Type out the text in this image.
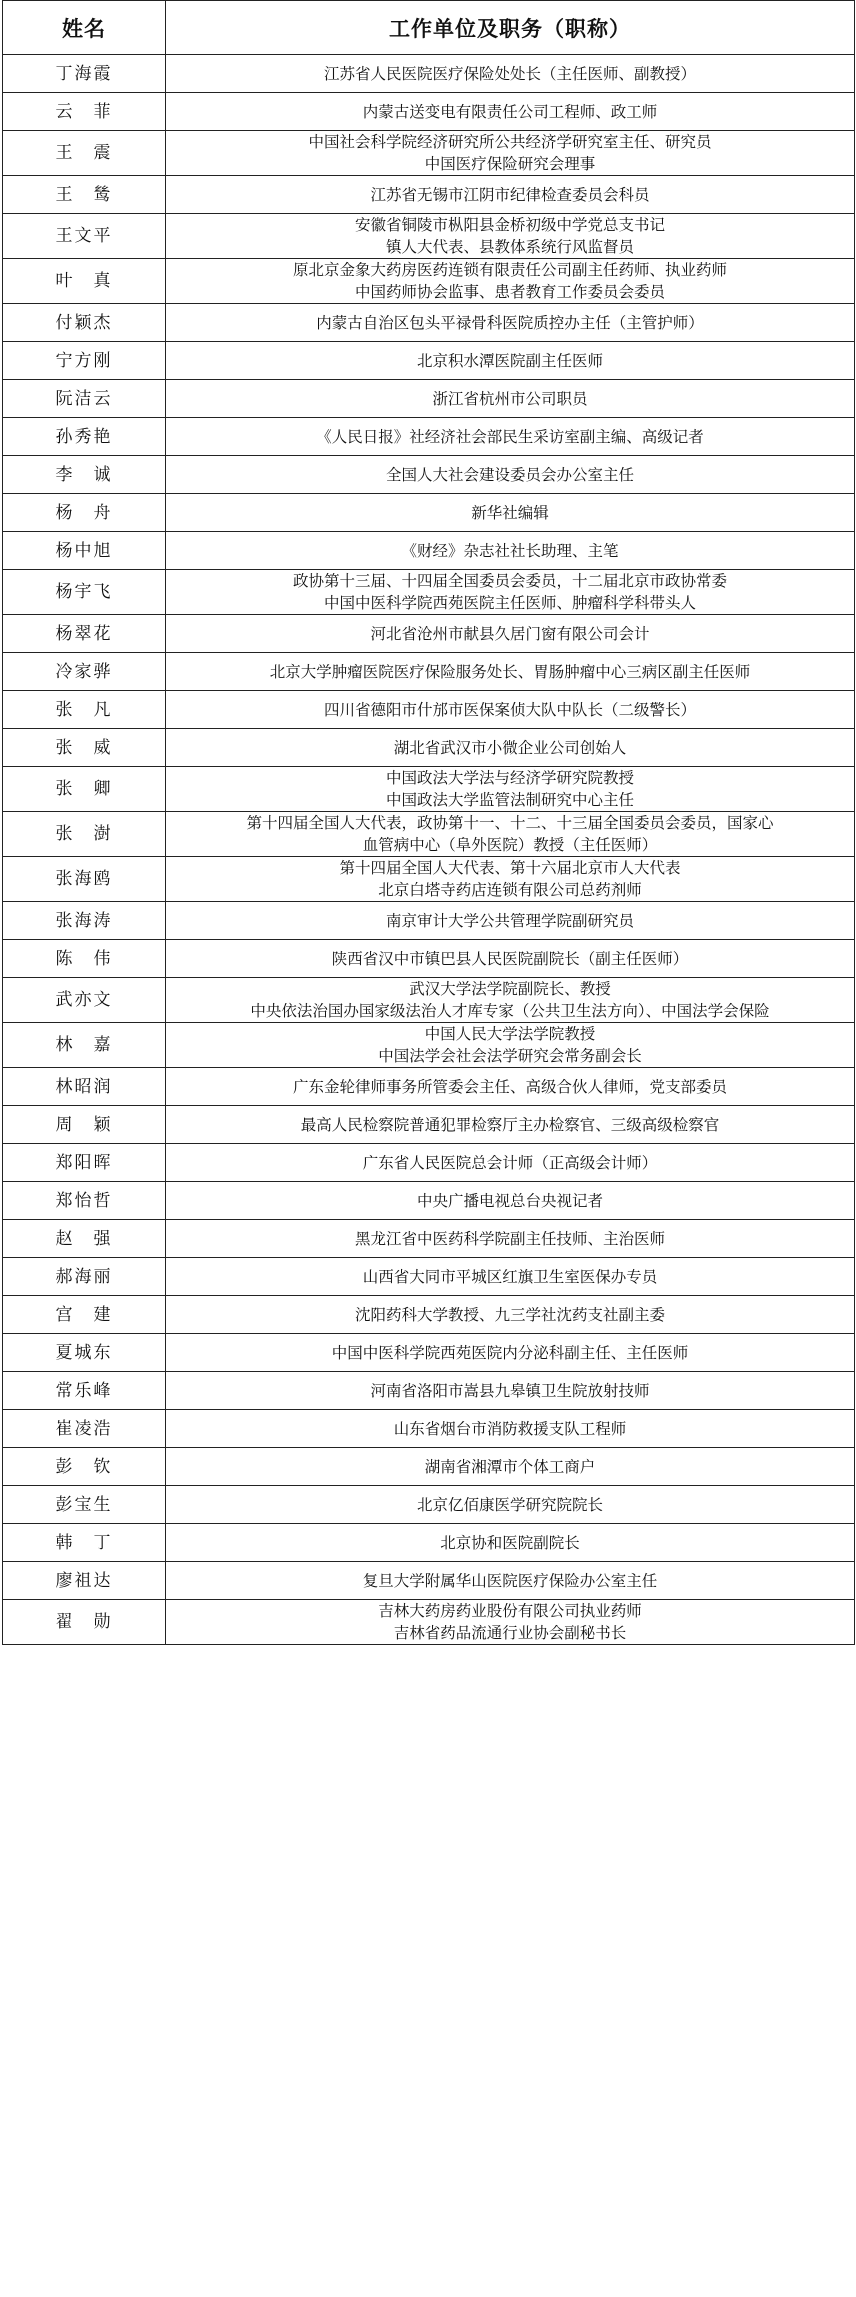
姓名	工作单位及职务（职称）
丁海霞	江苏省人民医院医疗保险处处长（主任医师、副教授）

云　菲	内蒙古送变电有限责任公司工程师、政工师

王　震	中国社会科学院经济研究所公共经济学研究室主任、研究员
中国医疗保险研究会理事

王　鸶	江苏省无锡市江阴市纪律检查委员会科员

王文平	安徽省铜陵市枞阳县金桥初级中学党总支书记
镇人大代表、县教体系统行风监督员

叶　真	原北京金象大药房医药连锁有限责任公司副主任药师、执业药师
中国药师协会监事、患者教育工作委员会委员

付颖杰	内蒙古自治区包头平禄骨科医院质控办主任（主管护师）

宁方刚	北京积水潭医院副主任医师

阮洁云	浙江省杭州市公司职员

孙秀艳	《人民日报》社经济社会部民生采访室副主编、高级记者

李　诚	全国人大社会建设委员会办公室主任

杨　舟	新华社编辑

杨中旭	《财经》杂志社社长助理、主笔

杨宇飞	政协第十三届、十四届全国委员会委员，十二届北京市政协常委
中国中医科学院西苑医院主任医师、肿瘤科学科带头人

杨翠花	河北省沧州市献县久居门窗有限公司会计

冷家骅	北京大学肿瘤医院医疗保险服务处长、胃肠肿瘤中心三病区副主任医师

张　凡	四川省德阳市什邡市医保案侦大队中队长（二级警长）

张　威	湖北省武汉市小微企业公司创始人

张　卿	中国政法大学法与经济学研究院教授
中国政法大学监管法制研究中心主任

张　澍	第十四届全国人大代表，政协第十一、十二、十三届全国委员会委员，国家心
血管病中心（阜外医院）教授（主任医师）

张海鸥	第十四届全国人大代表、第十六届北京市人大代表
北京白塔寺药店连锁有限公司总药剂师

张海涛	南京审计大学公共管理学院副研究员

陈　伟	陕西省汉中市镇巴县人民医院副院长（副主任医师）

武亦文	武汉大学法学院副院长、教授
中央依法治国办国家级法治人才库专家（公共卫生法方向）、中国法学会保险

林　嘉	中国人民大学法学院教授
中国法学会社会法学研究会常务副会长

林昭润	广东金轮律师事务所管委会主任、高级合伙人律师，党支部委员

周　颖	最高人民检察院普通犯罪检察厅主办检察官、三级高级检察官

郑阳晖	广东省人民医院总会计师（正高级会计师）

郑怡哲	中央广播电视总台央视记者

赵　强	黑龙江省中医药科学院副主任技师、主治医师

郝海丽	山西省大同市平城区红旗卫生室医保办专员

宫　建	沈阳药科大学教授、九三学社沈药支社副主委

夏城东	中国中医科学院西苑医院内分泌科副主任、主任医师

常乐峰	河南省洛阳市嵩县九皋镇卫生院放射技师

崔凌浩	山东省烟台市消防救援支队工程师

彭　钦	湖南省湘潭市个体工商户

彭宝生	北京亿佰康医学研究院院长

韩　丁	北京协和医院副院长

廖祖达	复旦大学附属华山医院医疗保险办公室主任

翟　勋	吉林大药房药业股份有限公司执业药师
吉林省药品流通行业协会副秘书长
